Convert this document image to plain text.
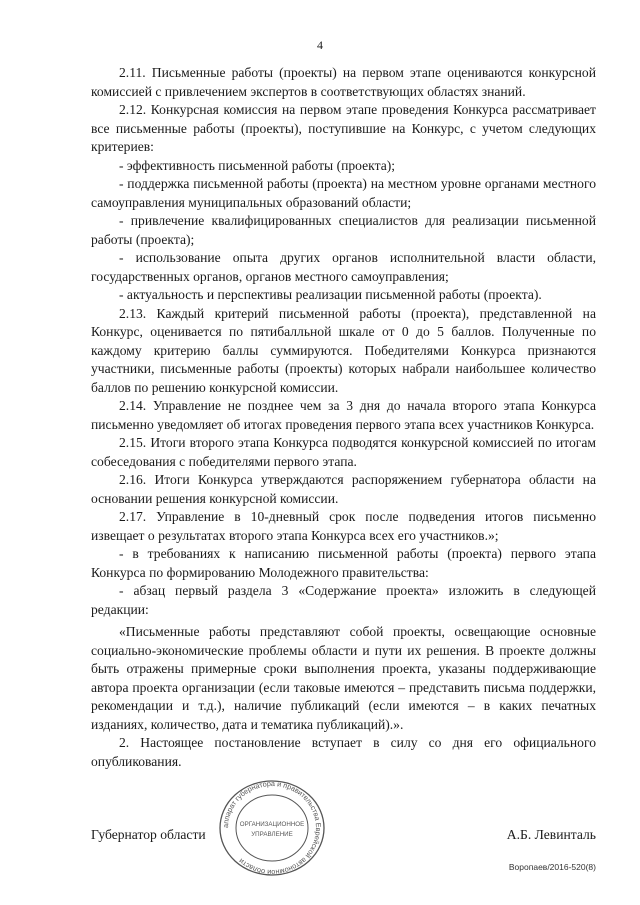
4

2.11. Письменные работы (проекты) на первом этапе оцениваются конкурсной комиссией с привлечением экспертов в соответствующих областях знаний.

2.12. Конкурсная комиссия на первом этапе проведения Конкурса рассматривает все письменные работы (проекты), поступившие на Конкурс, с учетом следующих критериев:

- эффективность письменной работы (проекта);

- поддержка письменной работы (проекта) на местном уровне органами местного самоуправления муниципальных образований области;

- привлечение квалифицированных специалистов для реализации письменной работы (проекта);

- использование опыта других органов исполнительной власти области, государственных органов, органов местного самоуправления;

- актуальность и перспективы реализации письменной работы (проекта).

2.13. Каждый критерий письменной работы (проекта), представленной на Конкурс, оценивается по пятибалльной шкале от 0 до 5 баллов. Полученные по каждому критерию баллы суммируются. Победителями Конкурса признаются участники, письменные работы (проекты) которых набрали наибольшее количество баллов по решению конкурсной комиссии.

2.14. Управление не позднее чем за 3 дня до начала второго этапа Конкурса письменно уведомляет об итогах проведения первого этапа всех участников Конкурса.

2.15. Итоги второго этапа Конкурса подводятся конкурсной комиссией по итогам собеседования с победителями первого этапа.

2.16. Итоги Конкурса утверждаются распоряжением губернатора области на основании решения конкурсной комиссии.

2.17. Управление в 10-дневный срок после подведения итогов письменно извещает о результатах второго этапа Конкурса всех его участников.»;

- в требованиях к написанию письменной работы (проекта) первого этапа Конкурса по формированию Молодежного правительства:

- абзац первый раздела 3 «Содержание проекта» изложить в следующей редакции:

«Письменные работы представляют собой проекты, освещающие основные социально-экономические проблемы области и пути их решения. В проекте должны быть отражены примерные сроки выполнения проекта, указаны поддерживающие автора проекта организации (если таковые имеются – представить письма поддержки, рекомендации и т.д.), наличие публикаций (если имеются – в каких печатных изданиях, количество, дата и тематика публикаций).».

2. Настоящее постановление вступает в силу со дня его официального опубликования.

Губернатор области	А.Б. Левинталь
аппарат губернатора и правительства Еврейской автономной области
ОРГАНИЗАЦИОННОЕ
УПРАВЛЕНИЕ
Воропаев/2016-520(8)
